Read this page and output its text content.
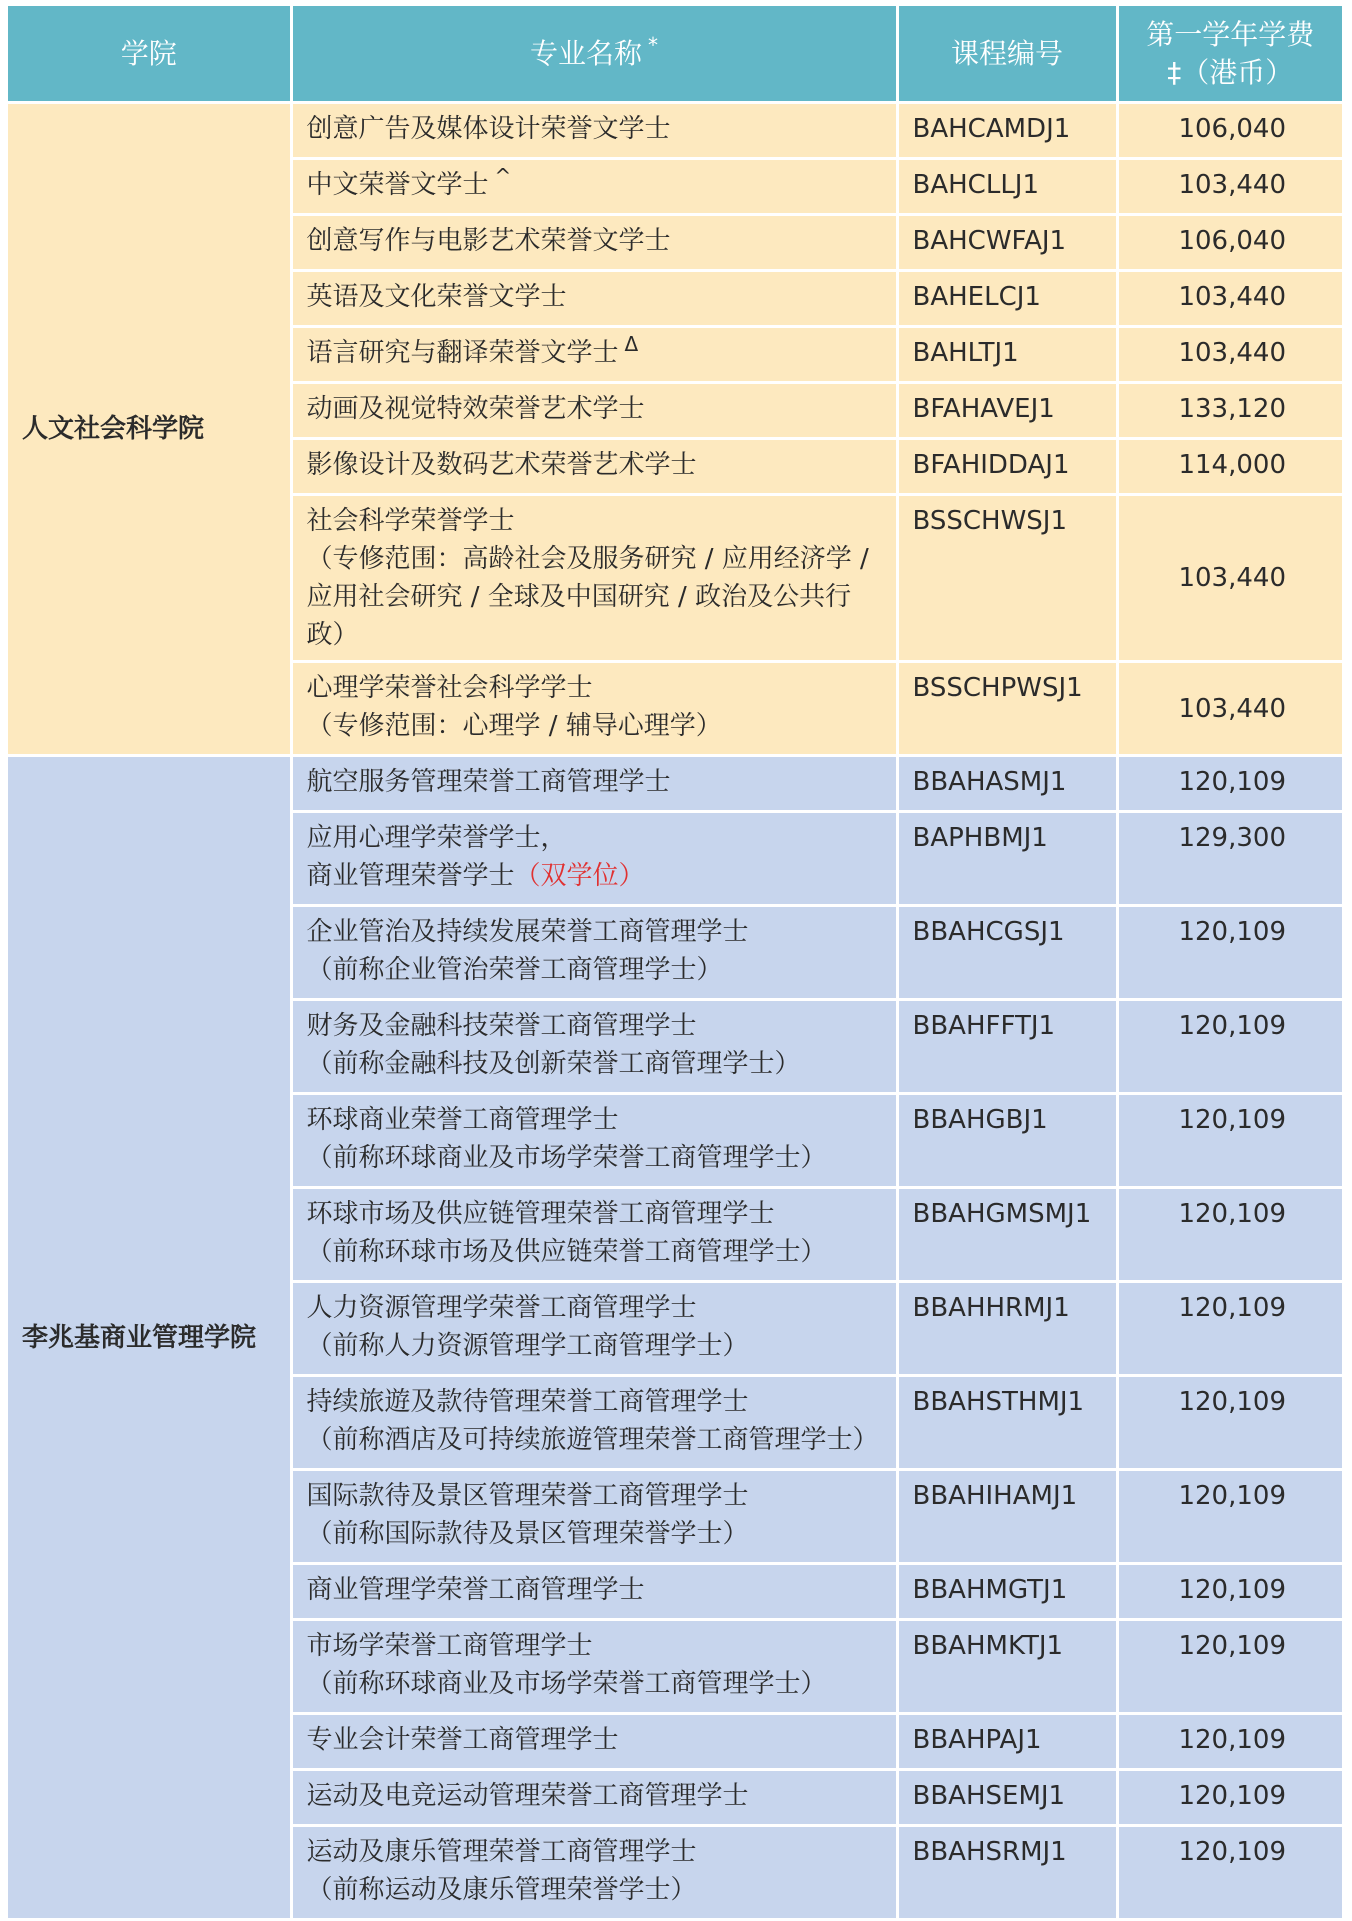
学院	专业名称 *	课程编号	第一学年学费
‡（港币）

人文社会科学院	创意广告及媒体设计荣誉文学士	BAHCAMDJ1	106,040
	中文荣誉文学士 ^	BAHCLLJ1	103,440
	创意写作与电影艺术荣誉文学士	BAHCWFAJ1	106,040
	英语及文化荣誉文学士	BAHELCJ1	103,440
	语言研究与翻译荣誉文学士 $^\Delta$	BAHLTJ1	103,440
	动画及视觉特效荣誉艺术学士	BFAHAVEJ1	133,120
	影像设计及数码艺术荣誉艺术学士	BFAHIDDAJ1	114,000

	社会科学荣誉学士
（专修范围：高龄社会及服务研究 / 应用经济学 /
应用社会研究 / 全球及中国研究 / 政治及公共行政）	BSSCHWSJ1	103,440

	心理学荣誉社会科学学士
（专修范围：心理学 / 辅导心理学）	BSSCHPWSJ1	103,440
李兆基商业管理学院	航空服务管理荣誉工商管理学士	BBAHASMJ1	120,109

	应用心理学荣誉学士，
商业管理荣誉学士（双学位）	BAPHBMJ1	129,300

	企业管治及持续发展荣誉工商管理学士
（前称企业管治荣誉工商管理学士）	BBAHCGSJ1	120,109

	财务及金融科技荣誉工商管理学士
（前称金融科技及创新荣誉工商管理学士）	BBAHFFTJ1	120,109

	环球商业荣誉工商管理学士
（前称环球商业及市场学荣誉工商管理学士）	BBAHGBJ1	120,109

	环球市场及供应链管理荣誉工商管理学士
（前称环球市场及供应链荣誉工商管理学士）	BBAHGMSMJ1	120,109

	人力资源管理学荣誉工商管理学士
（前称人力资源管理学工商管理学士）	BBAHHRMJ1	120,109

	持续旅遊及款待管理荣誉工商管理学士
（前称酒店及可持续旅遊管理荣誉工商管理学士）	BBAHSTHMJ1	120,109

	国际款待及景区管理荣誉工商管理学士
（前称国际款待及景区管理荣誉学士）	BBAHIHAMJ1	120,109
	商业管理学荣誉工商管理学士	BBAHMGTJ1	120,109

	市场学荣誉工商管理学士
（前称环球商业及市场学荣誉工商管理学士）	BBAHMKTJ1	120,109
	专业会计荣誉工商管理学士	BBAHPAJ1	120,109
	运动及电竞运动管理荣誉工商管理学士	BBAHSEMJ1	120,109

	运动及康乐管理荣誉工商管理学士
（前称运动及康乐管理荣誉学士）	BBAHSRMJ1	120,109
